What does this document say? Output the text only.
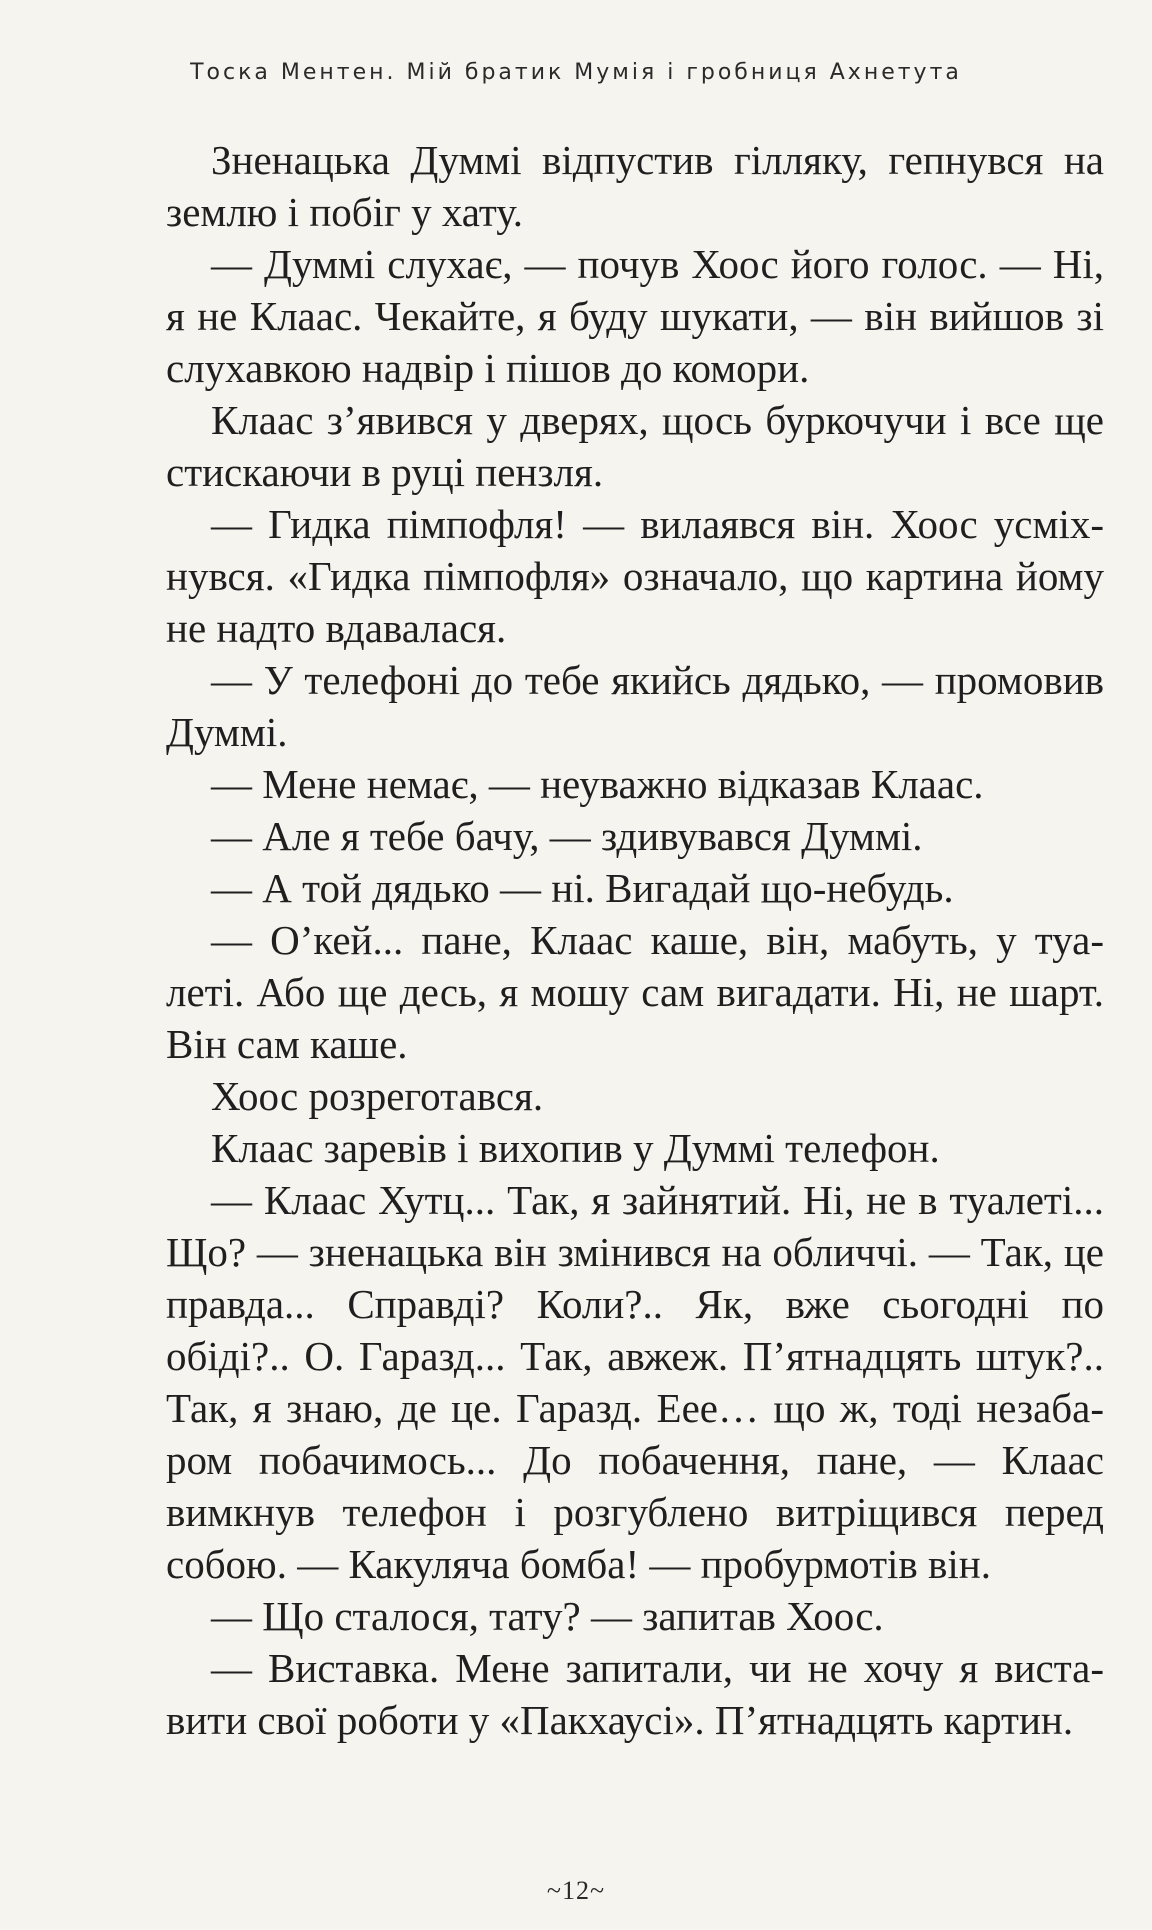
Тоска Ментен. Мій братик Мумія і гробниця Ахнетута

Зненацька Думмі відпустив гілляку, гепнувся на землю і побіг у хату.

— Думмі слухає, — почув Хоос його голос. — Ні, я не Клаас. Чекайте, я буду шукати, — він вийшов зі слухавкою надвір і пішов до комори.

Клаас з’явився у дверях, щось буркочучи і все ще стискаючи в руці пензля.

— Гидка пімпофля! — вилаявся він. Хоос усміхнувся. «Гидка пімпофля» означало, що картина йому не надто вдавалася.

— У телефоні до тебе якийсь дядько, — промовив Думмі.

— Мене немає, — неуважно відказав Клаас.

— Але я тебе бачу, — здивувався Думмі.

— А той дядько — ні. Вигадай що-небудь.

— О’кей... пане, Клаас каше, він, мабуть, у туалеті. Або ще десь, я мошу сам вигадати. Ні, не шарт. Він сам каше.

Хоос розреготався.

Клаас заревів і вихопив у Думмі телефон.

— Клаас Хутц... Так, я зайнятий. Ні, не в туалеті... Що? — зненацька він змінився на обличчі. — Так, це правда... Справді? Коли?.. Як, вже сьогодні по обіді?.. О. Гаразд... Так, авжеж. П’ятнадцять штук?.. Так, я знаю, де це. Гаразд. Еее… що ж, тоді незабаром побачимось... До побачення, пане, — Клаас вимкнув телефон і розгублено витріщився перед собою. — Какуляча бомба! — пробурмотів він.

— Що сталося, тату? — запитав Хоос.

— Виставка. Мене запитали, чи не хочу я виставити свої роботи у «Пакхаусі». П’ятнадцять картин.

~12~
